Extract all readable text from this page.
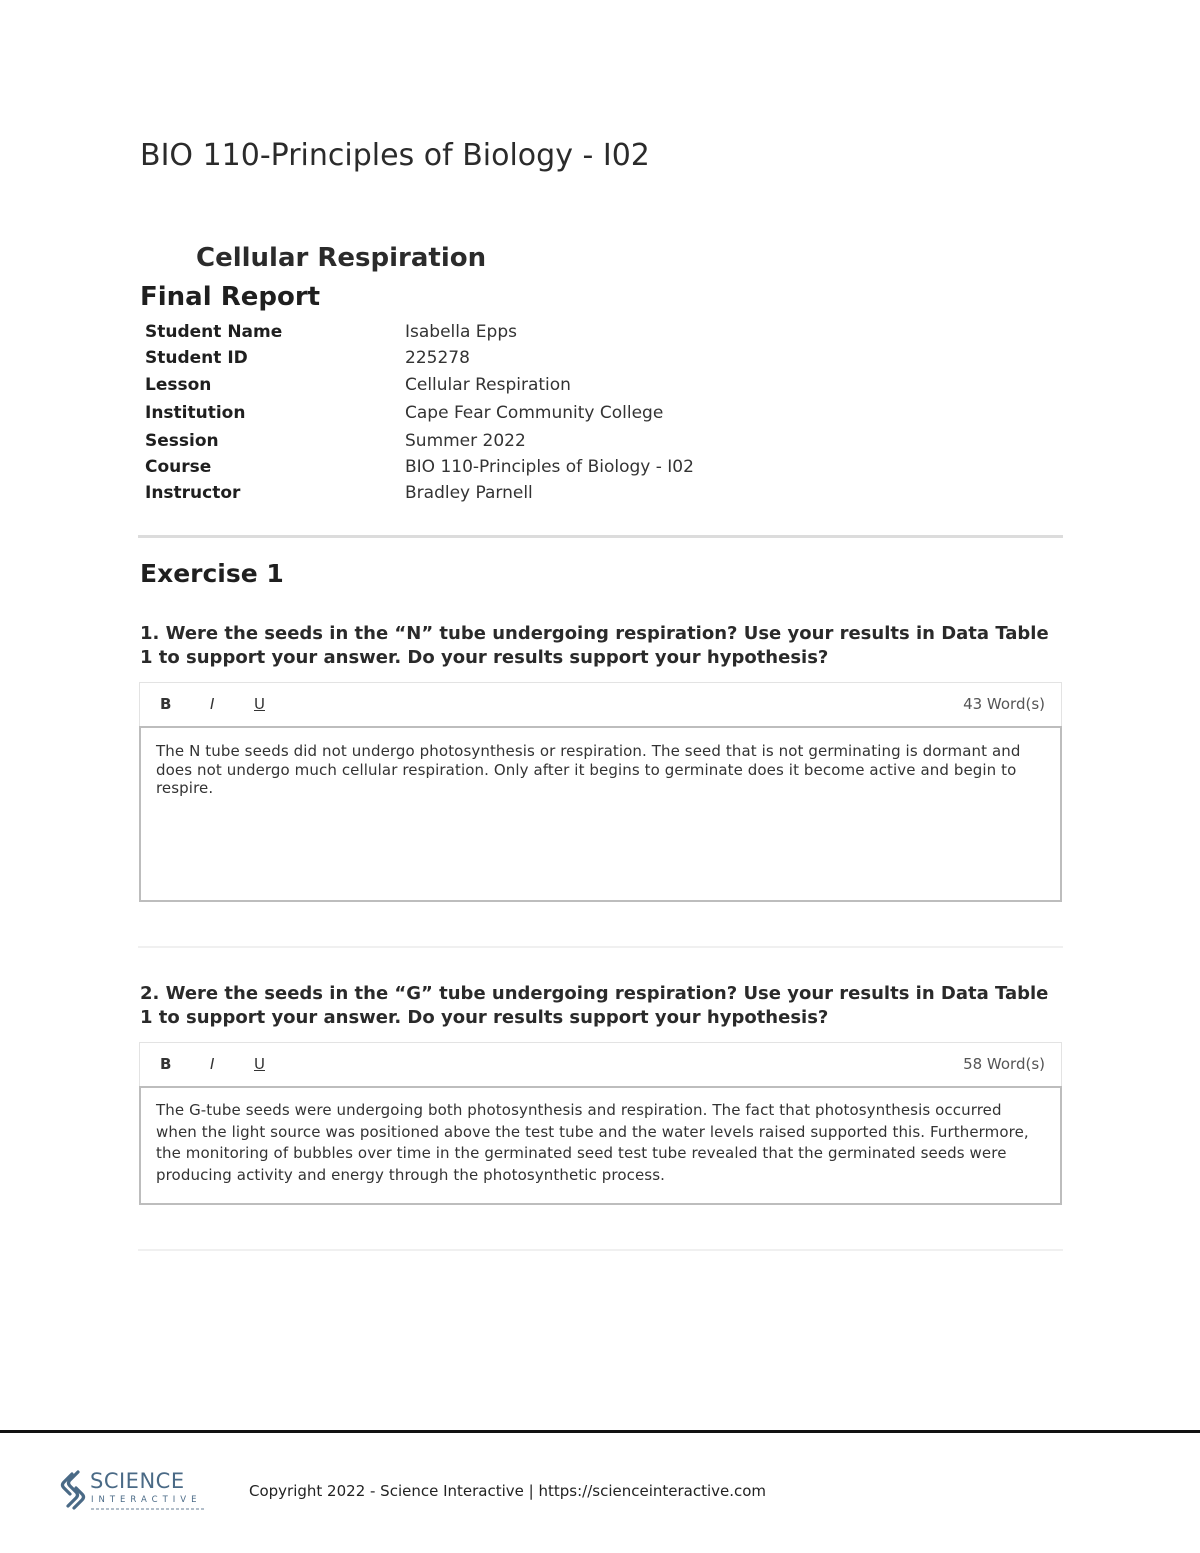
BIO 110-Principles of Biology - I02
Cellular Respiration
Final Report
Student Name	Isabella Epps
Student ID	225278
Lesson	Cellular Respiration
Institution	Cape Fear Community College
Session	Summer 2022
Course	BIO 110-Principles of Biology - I02
Instructor	Bradley Parnell
Exercise 1

1. Were the seeds in the “N” tube undergoing respiration? Use your results in Data Table 1 to support your answer. Do your results support your hypothesis?

B	I	U	43 Word(s)
The N tube seeds did not undergo photosynthesis or respiration. The seed that is not germinating is dormant and does not undergo much cellular respiration. Only after it begins to germinate does it become active and begin to respire.

2. Were the seeds in the “G” tube undergoing respiration? Use your results in Data Table 1 to support your answer. Do your results support your hypothesis?

B	I	U	58 Word(s)
The G-tube seeds were undergoing both photosynthesis and respiration. The fact that photosynthesis occurred when the light source was positioned above the test tube and the water levels raised supported this. Furthermore, the monitoring of bubbles over time in the germinated seed test tube revealed that the germinated seeds were producing activity and energy through the photosynthetic process.
SCIENCE
INTERACTIVE	Copyright 2022 - Science Interactive | https://scienceinteractive.com
